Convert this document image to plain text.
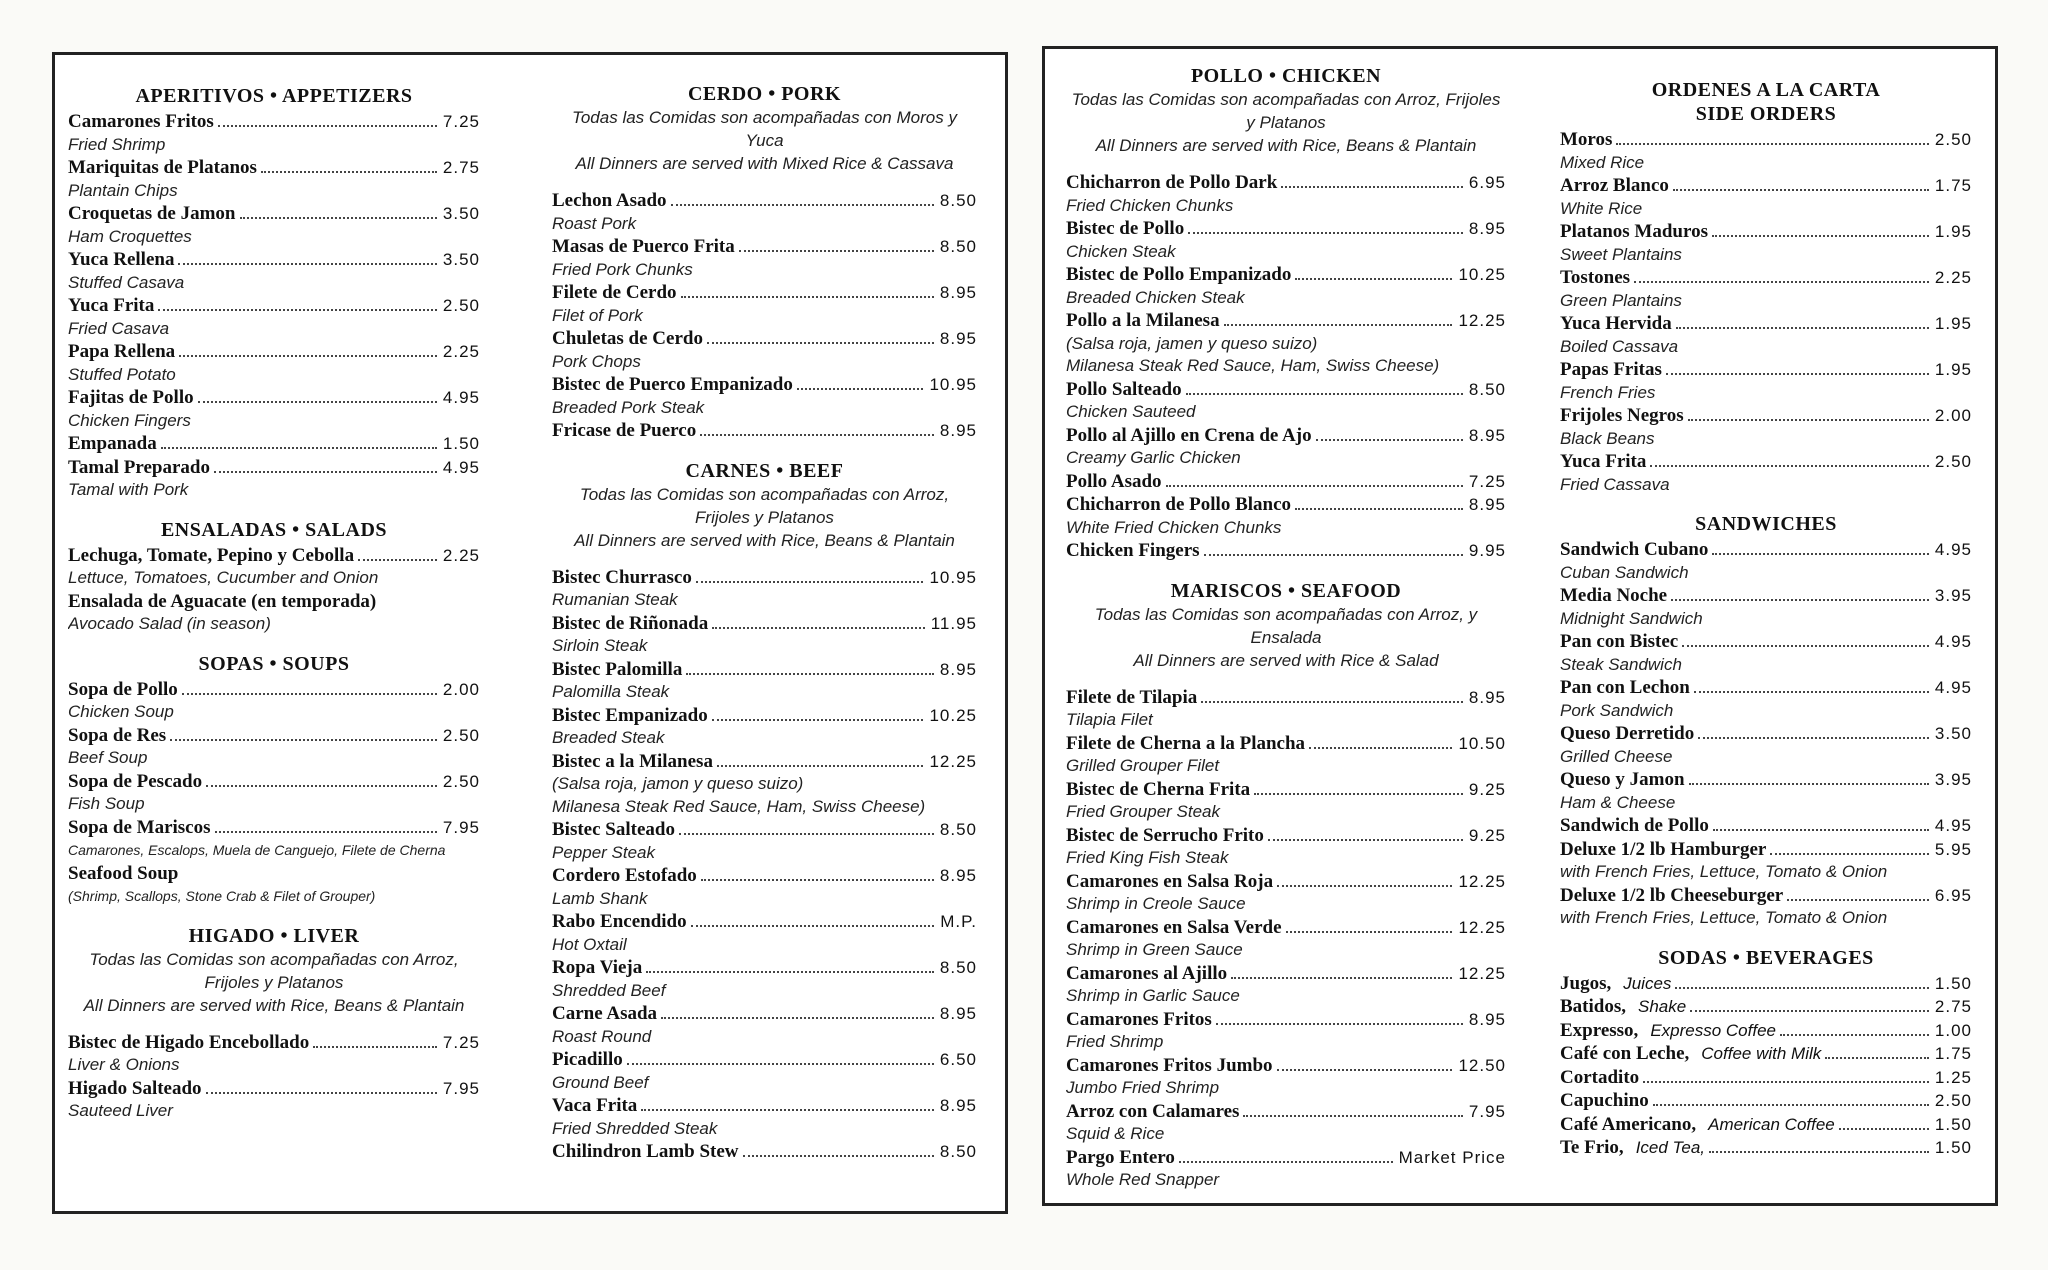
APERITIVOS • APPETIZERS
Camarones Fritos	7.25
Fried Shrimp
Mariquitas de Platanos	2.75
Plantain Chips
Croquetas de Jamon	3.50
Ham Croquettes
Yuca Rellena	3.50
Stuffed Casava
Yuca Frita	2.50
Fried Casava
Papa Rellena	2.25
Stuffed Potato
Fajitas de Pollo	4.95
Chicken Fingers
Empanada	1.50
Tamal Preparado	4.95
Tamal with Pork
ENSALADAS • SALADS
Lechuga, Tomate, Pepino y Cebolla	2.25
Lettuce, Tomatoes, Cucumber and Onion
Ensalada de Aguacate (en temporada)
Avocado Salad (in season)
SOPAS • SOUPS
Sopa de Pollo	2.00
Chicken Soup
Sopa de Res	2.50
Beef Soup
Sopa de Pescado	2.50
Fish Soup
Sopa de Mariscos	7.95
Camarones, Escalops, Muela de Canguejo, Filete de Cherna
Seafood Soup
(Shrimp, Scallops, Stone Crab & Filet of Grouper)
HIGADO • LIVER
Todas las Comidas son acompañadas con Arroz, Frijoles y Platanos
All Dinners are served with Rice, Beans & Plantain
Bistec de Higado Encebollado	7.25
Liver & Onions
Higado Salteado	7.95
Sauteed Liver
CERDO • PORK
Todas las Comidas son acompañadas con Moros y Yuca
All Dinners are served with Mixed Rice & Cassava
Lechon Asado	8.50
Roast Pork
Masas de Puerco Frita	8.50
Fried Pork Chunks
Filete de Cerdo	8.95
Filet of Pork
Chuletas de Cerdo	8.95
Pork Chops
Bistec de Puerco Empanizado	10.95
Breaded Pork Steak
Fricase de Puerco	8.95
CARNES • BEEF
Todas las Comidas son acompañadas con Arroz, Frijoles y Platanos
All Dinners are served with Rice, Beans & Plantain
Bistec Churrasco	10.95
Rumanian Steak
Bistec de Riñonada	11.95
Sirloin Steak
Bistec Palomilla	8.95
Palomilla Steak
Bistec Empanizado	10.25
Breaded Steak
Bistec a la Milanesa	12.25
(Salsa roja, jamon y queso suizo)
Milanesa Steak Red Sauce, Ham, Swiss Cheese)
Bistec Salteado	8.50
Pepper Steak
Cordero Estofado	8.95
Lamb Shank
Rabo Encendido	M.P.
Hot Oxtail
Ropa Vieja	8.50
Shredded Beef
Carne Asada	8.95
Roast Round
Picadillo	6.50
Ground Beef
Vaca Frita	8.95
Fried Shredded Steak
Chilindron Lamb Stew	8.50
POLLO • CHICKEN
Todas las Comidas son acompañadas con Arroz, Frijoles y Platanos
All Dinners are served with Rice, Beans & Plantain
Chicharron de Pollo Dark	6.95
Fried Chicken Chunks
Bistec de Pollo	8.95
Chicken Steak
Bistec de Pollo Empanizado	10.25
Breaded Chicken Steak
Pollo a la Milanesa	12.25
(Salsa roja, jamen y queso suizo)
Milanesa Steak Red Sauce, Ham, Swiss Cheese)
Pollo Salteado	8.50
Chicken Sauteed
Pollo al Ajillo en Crena de Ajo	8.95
Creamy Garlic Chicken
Pollo Asado	7.25
Chicharron de Pollo Blanco	8.95
White Fried Chicken Chunks
Chicken Fingers	9.95
MARISCOS • SEAFOOD
Todas las Comidas son acompañadas con Arroz, y Ensalada
All Dinners are served with Rice & Salad
Filete de Tilapia	8.95
Tilapia Filet
Filete de Cherna a la Plancha	10.50
Grilled Grouper Filet
Bistec de Cherna Frita	9.25
Fried Grouper Steak
Bistec de Serrucho Frito	9.25
Fried King Fish Steak
Camarones en Salsa Roja	12.25
Shrimp in Creole Sauce
Camarones en Salsa Verde	12.25
Shrimp in Green Sauce
Camarones al Ajillo	12.25
Shrimp in Garlic Sauce
Camarones Fritos	8.95
Fried Shrimp
Camarones Fritos Jumbo	12.50
Jumbo Fried Shrimp
Arroz con Calamares	7.95
Squid & Rice
Pargo Entero	Market Price
Whole Red Snapper
ORDENES A LA CARTA
SIDE ORDERS
Moros	2.50
Mixed Rice
Arroz Blanco	1.75
White Rice
Platanos Maduros	1.95
Sweet Plantains
Tostones	2.25
Green Plantains
Yuca Hervida	1.95
Boiled Cassava
Papas Fritas	1.95
French Fries
Frijoles Negros	2.00
Black Beans
Yuca Frita	2.50
Fried Cassava
SANDWICHES
Sandwich Cubano	4.95
Cuban Sandwich
Media Noche	3.95
Midnight Sandwich
Pan con Bistec	4.95
Steak Sandwich
Pan con Lechon	4.95
Pork Sandwich
Queso Derretido	3.50
Grilled Cheese
Queso y Jamon	3.95
Ham & Cheese
Sandwich de Pollo	4.95
Deluxe 1/2 lb Hamburger	5.95
with French Fries, Lettuce, Tomato & Onion
Deluxe 1/2 lb Cheeseburger	6.95
with French Fries, Lettuce, Tomato & Onion
SODAS • BEVERAGES
Jugos, Juices	1.50
Batidos, Shake	2.75
Expresso, Expresso Coffee	1.00
Café con Leche, Coffee with Milk	1.75
Cortadito	1.25
Capuchino	2.50
Café Americano, American Coffee	1.50
Te Frio, Iced Tea,	1.50
